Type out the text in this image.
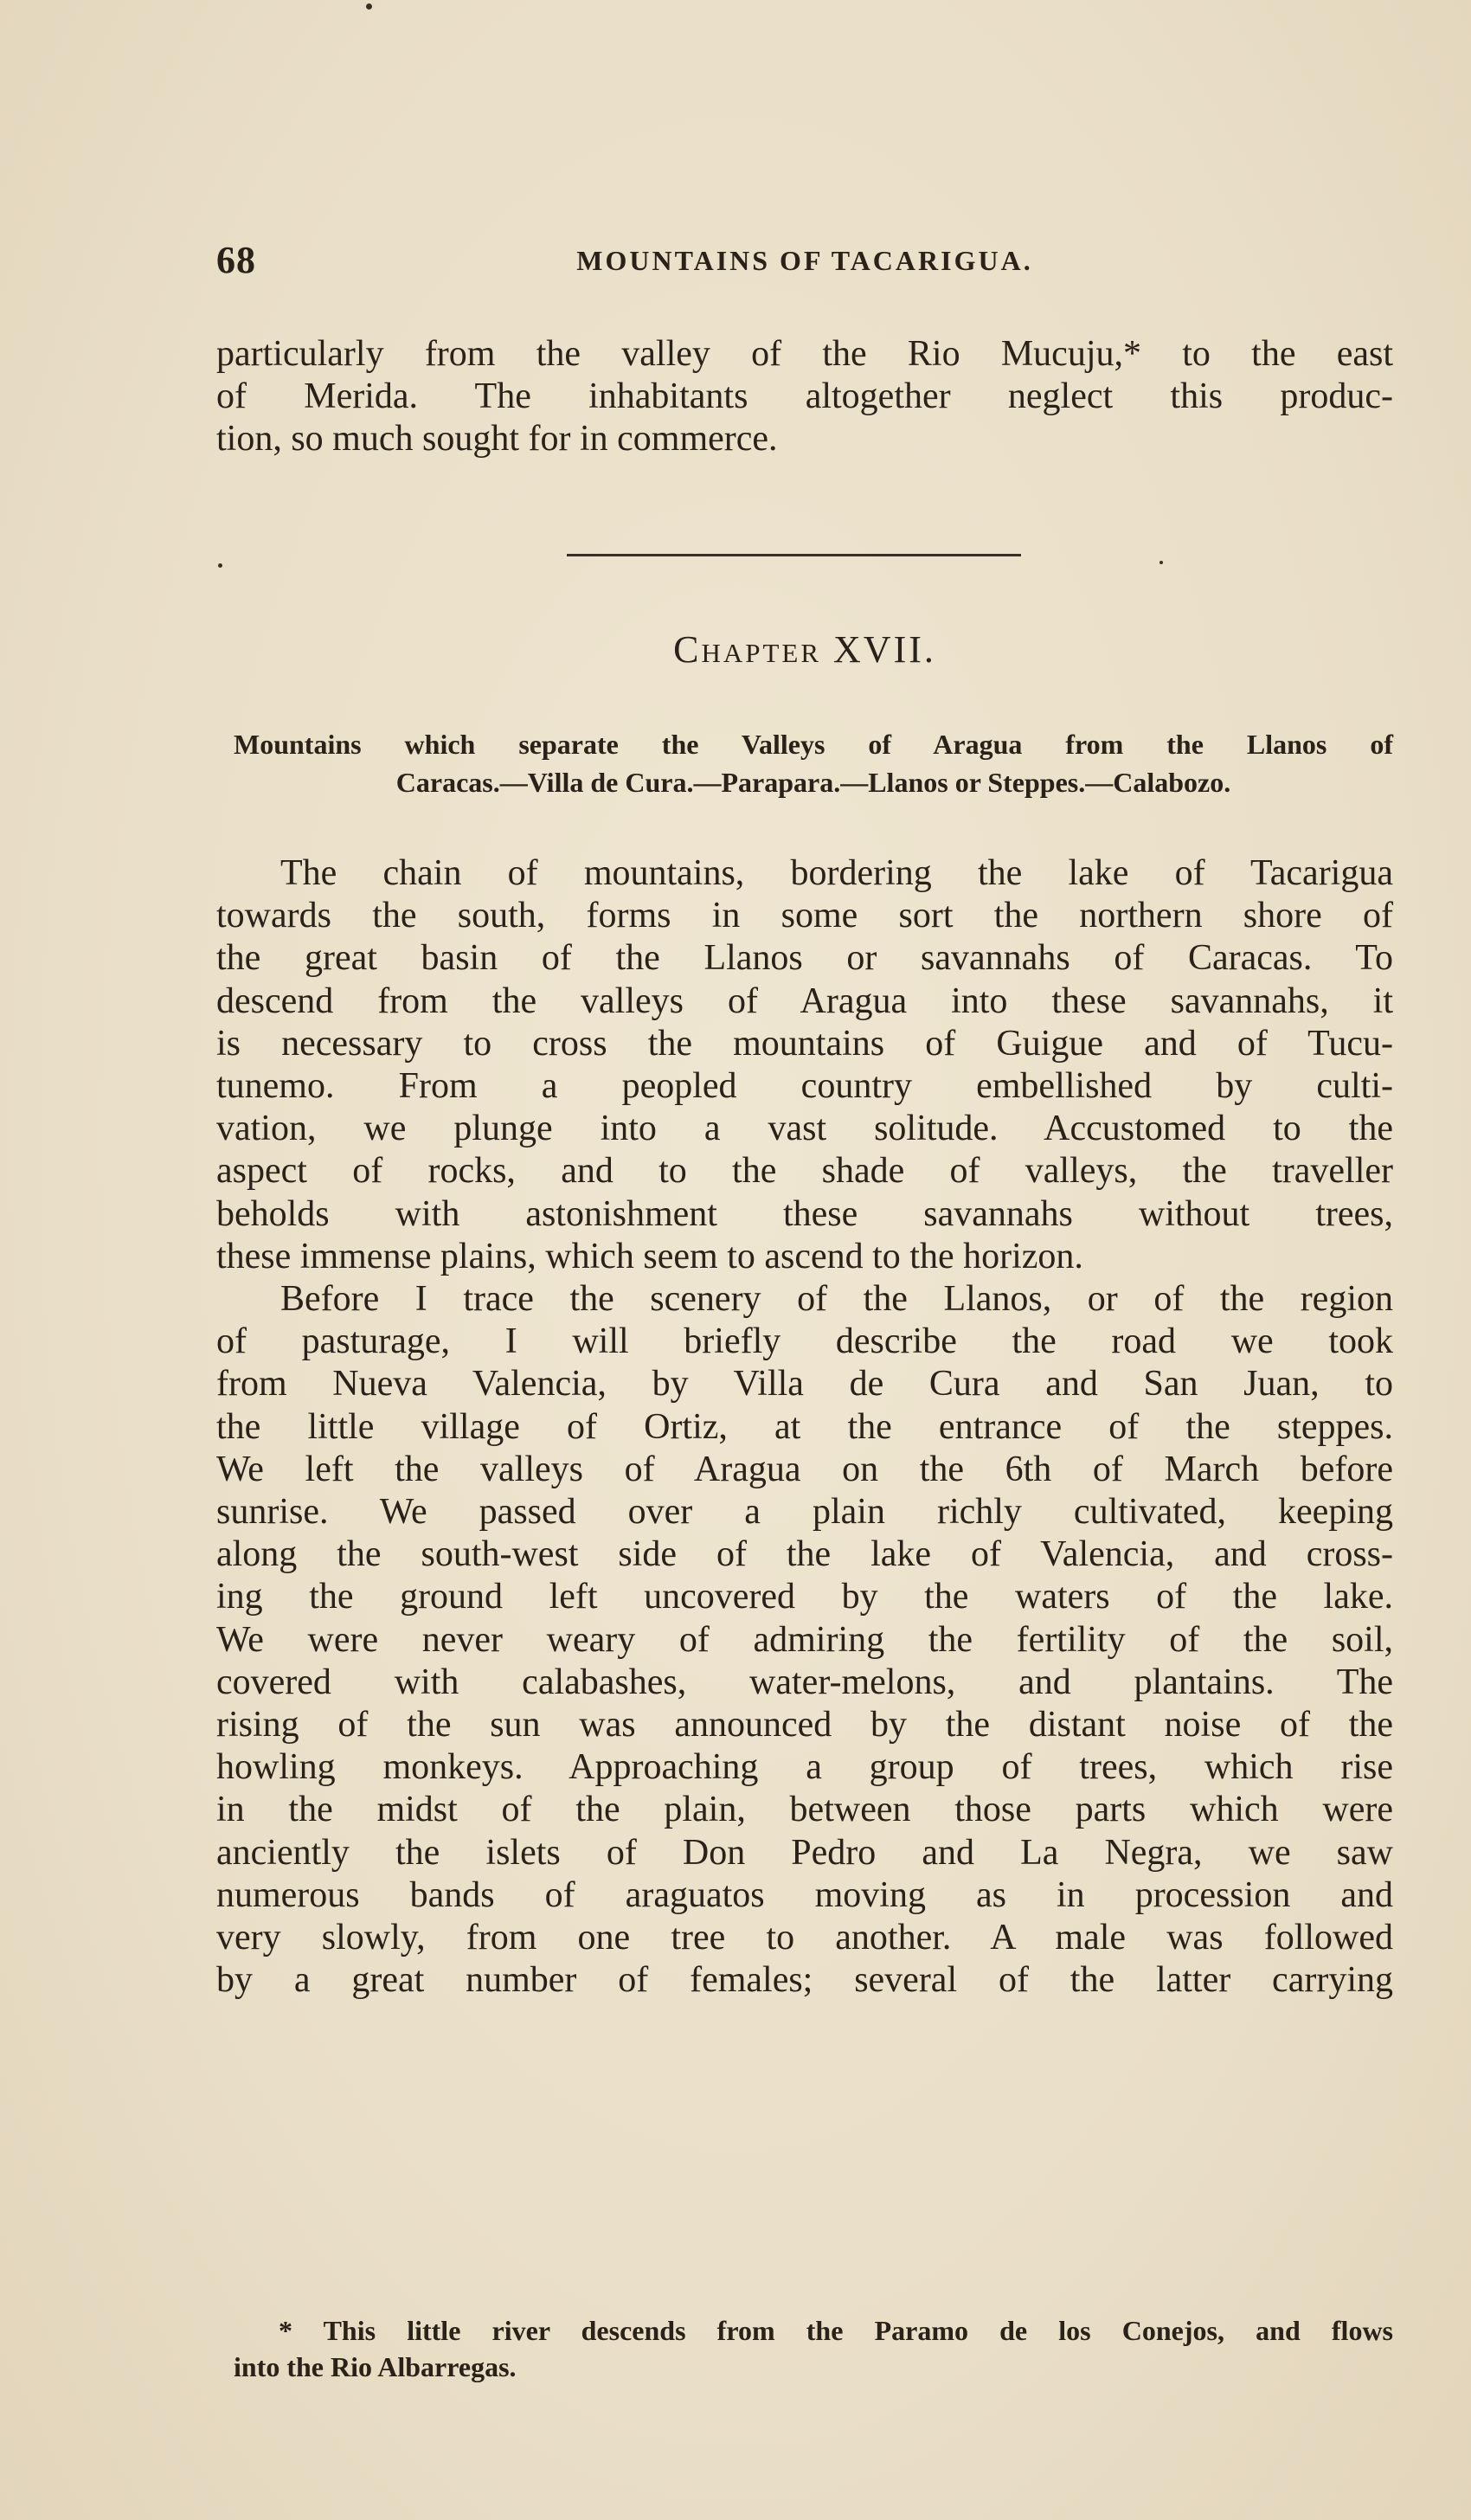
68	MOUNTAINS OF TACARIGUA.
particularly from the valley of the Rio Mucuju,* to the east
of Merida. The inhabitants altogether neglect this produc-
tion, so much sought for in commerce.
Chapter XVII.
Mountains which separate the Valleys of Aragua from the Llanos of
Caracas.—Villa de Cura.—Parapara.—Llanos or Steppes.—Calabozo.
The chain of mountains, bordering the lake of Tacarigua
towards the south, forms in some sort the northern shore of
the great basin of the Llanos or savannahs of Caracas. To
descend from the valleys of Aragua into these savannahs, it
is necessary to cross the mountains of Guigue and of Tucu-
tunemo. From a peopled country embellished by culti-
vation, we plunge into a vast solitude. Accustomed to the
aspect of rocks, and to the shade of valleys, the traveller
beholds with astonishment these savannahs without trees,
these immense plains, which seem to ascend to the horizon.
Before I trace the scenery of the Llanos, or of the region
of pasturage, I will briefly describe the road we took
from Nueva Valencia, by Villa de Cura and San Juan, to
the little village of Ortiz, at the entrance of the steppes.
We left the valleys of Aragua on the 6th of March before
sunrise. We passed over a plain richly cultivated, keeping
along the south-west side of the lake of Valencia, and cross-
ing the ground left uncovered by the waters of the lake.
We were never weary of admiring the fertility of the soil,
covered with calabashes, water-melons, and plantains. The
rising of the sun was announced by the distant noise of the
howling monkeys. Approaching a group of trees, which rise
in the midst of the plain, between those parts which were
anciently the islets of Don Pedro and La Negra, we saw
numerous bands of araguatos moving as in procession and
very slowly, from one tree to another. A male was followed
by a great number of females; several of the latter carrying
* This little river descends from the Paramo de los Conejos, and flows
into the Rio Albarregas.
